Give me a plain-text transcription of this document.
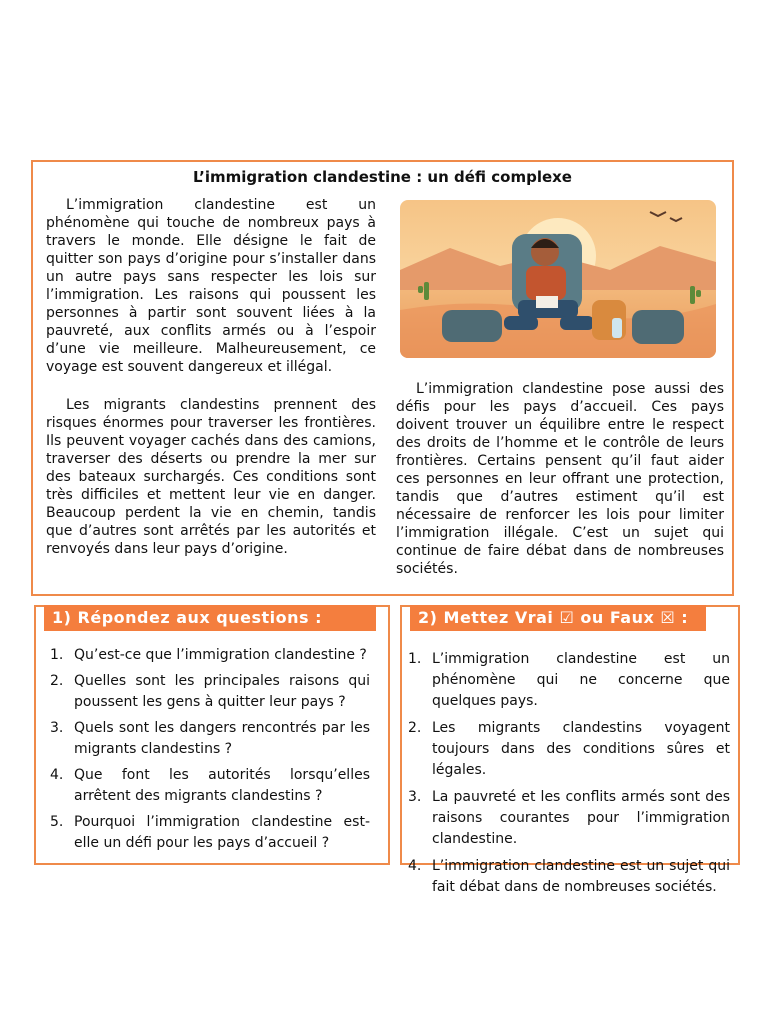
L’immigration clandestine : un défi complexe

L’immigration clandestine est un phénomène qui touche de nombreux pays à travers le monde. Elle désigne le fait de quitter son pays d’origine pour s’installer dans un autre pays sans respecter les lois sur l’immigration. Les raisons qui poussent les personnes à partir sont souvent liées à la pauvreté, aux conflits armés ou à l’espoir d’une vie meilleure. Malheureusement, ce voyage est souvent dangereux et illégal.

Les migrants clandestins prennent des risques énormes pour traverser les frontières. Ils peuvent voyager cachés dans des camions, traverser des déserts ou prendre la mer sur des bateaux surchargés. Ces conditions sont très difficiles et mettent leur vie en danger. Beaucoup perdent la vie en chemin, tandis que d’autres sont arrêtés par les autorités et renvoyés dans leur pays d’origine.

L’immigration clandestine pose aussi des défis pour les pays d’accueil. Ces pays doivent trouver un équilibre entre le respect des droits de l’homme et le contrôle de leurs frontières. Certains pensent qu’il faut aider ces personnes en leur offrant une protection, tandis que d’autres estiment qu’il est nécessaire de renforcer les lois pour limiter l’immigration illégale. C’est un sujet qui continue de faire débat dans de nombreuses sociétés.

1) Répondez aux questions :
1. Qu’est-ce que l’immigration clandestine ?
2. Quelles sont les principales raisons qui poussent les gens à quitter leur pays ?
3. Quels sont les dangers rencontrés par les migrants clandestins ?
4. Que font les autorités lorsqu’elles arrêtent des migrants clandestins ?
5. Pourquoi l’immigration clandestine est-elle un défi pour les pays d’accueil ?
2) Mettez Vrai ☑ ou Faux ☒ :
1. L’immigration clandestine est un phénomène qui ne concerne que quelques pays.
2. Les migrants clandestins voyagent toujours dans des conditions sûres et légales.
3. La pauvreté et les conflits armés sont des raisons courantes pour l’immigration clandestine.
4. L’immigration clandestine est un sujet qui fait débat dans de nombreuses sociétés.
